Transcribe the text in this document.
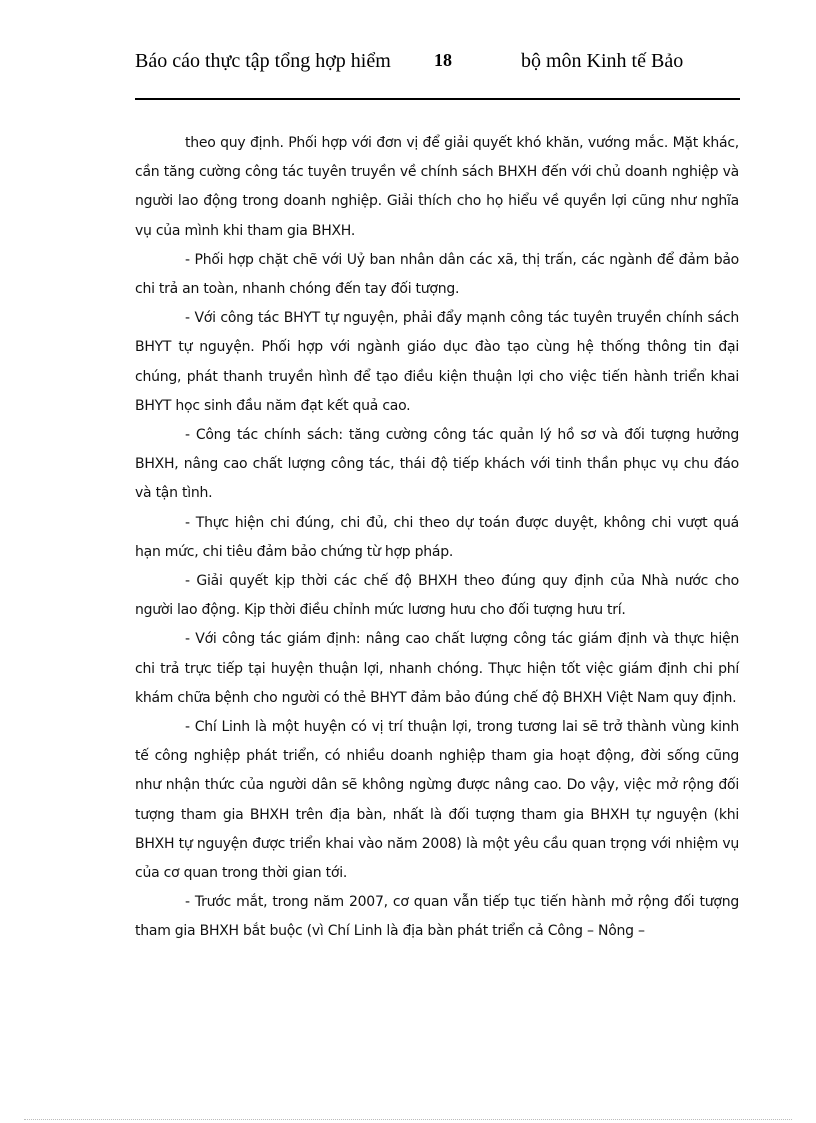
Báo cáo thực tập tổng hợp hiểm 18	bộ môn Kinh tế Bảo

theo quy định. Phối hợp với đơn vị để giải quyết khó khăn, vướng mắc. Mặt khác, cần tăng cường công tác tuyên truyền về chính sách BHXH đến với chủ doanh nghiệp và người lao động trong doanh nghiệp. Giải thích cho họ hiểu về quyền lợi cũng như nghĩa vụ của mình khi tham gia BHXH.

- Phối hợp chặt chẽ với Uỷ ban nhân dân các xã, thị trấn, các ngành để đảm bảo chi trả an toàn, nhanh chóng đến tay đối tượng.

- Với công tác BHYT tự nguyện, phải đẩy mạnh công tác tuyên truyền chính sách BHYT tự nguyện. Phối hợp với ngành giáo dục đào tạo cùng hệ thống thông tin đại chúng, phát thanh truyền hình để tạo điều kiện thuận lợi cho việc tiến hành triển khai BHYT học sinh đầu năm đạt kết quả cao.

- Công tác chính sách: tăng cường công tác quản lý hồ sơ và đối tượng hưởng BHXH, nâng cao chất lượng công tác, thái độ tiếp khách với tinh thần phục vụ chu đáo và tận tình.

- Thực hiện chi đúng, chi đủ, chi theo dự toán được duyệt, không chi vượt quá hạn mức, chi tiêu đảm bảo chứng từ hợp pháp.

- Giải quyết kịp thời các chế độ BHXH theo đúng quy định của Nhà nước cho người lao động. Kịp thời điều chỉnh mức lương hưu cho đối tượng hưu trí.

- Với công tác giám định: nâng cao chất lượng công tác giám định và thực hiện chi trả trực tiếp tại huyện thuận lợi, nhanh chóng. Thực hiện tốt việc giám định chi phí khám chữa bệnh cho người có thẻ BHYT đảm bảo đúng chế độ BHXH Việt Nam quy định.

- Chí Linh là một huyện có vị trí thuận lợi, trong tương lai sẽ trở thành vùng kinh tế công nghiệp phát triển, có nhiều doanh nghiệp tham gia hoạt động, đời sống cũng như nhận thức của người dân sẽ không ngừng được nâng cao. Do vậy, việc mở rộng đối tượng tham gia BHXH trên địa bàn, nhất là đối tượng tham gia BHXH tự nguyện (khi BHXH tự nguyện được triển khai vào năm 2008) là một yêu cầu quan trọng với nhiệm vụ của cơ quan trong thời gian tới.

- Trước mắt, trong năm 2007, cơ quan vẫn tiếp tục tiến hành mở rộng đối tượng tham gia BHXH bắt buộc (vì Chí Linh là địa bàn phát triển cả Công – Nông –
